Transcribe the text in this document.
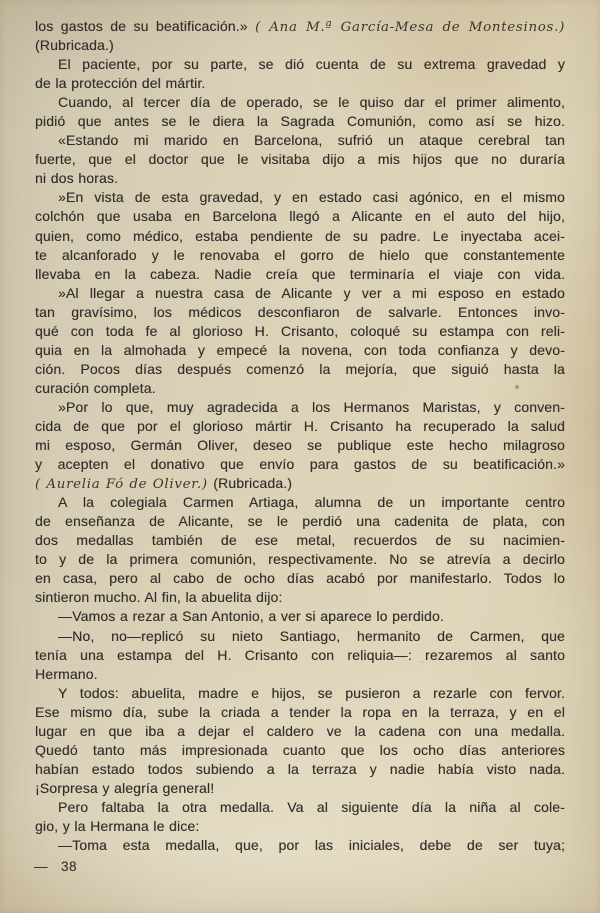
los gastos de su beatificación.» ( Ana M.ª García-Mesa de Montesinos.)
(Rubricada.)
El paciente, por su parte, se dió cuenta de su extrema gravedad y
de la protección del mártir.
Cuando, al tercer día de operado, se le quiso dar el primer alimento,
pidió que antes se le diera la Sagrada Comunión, como así se hizo.
«Estando mi marido en Barcelona, sufrió un ataque cerebral tan
fuerte, que el doctor que le visitaba dijo a mis hijos que no duraría
ni dos horas.
»En vista de esta gravedad, y en estado casi agónico, en el mismo
colchón que usaba en Barcelona llegó a Alicante en el auto del hijo,
quien, como médico, estaba pendiente de su padre. Le inyectaba acei-
te alcanforado y le renovaba el gorro de hielo que constantemente
llevaba en la cabeza. Nadie creía que terminaría el viaje con vida.
»Al llegar a nuestra casa de Alicante y ver a mi esposo en estado
tan gravísimo, los médicos desconfiaron de salvarle. Entonces invo-
qué con toda fe al glorioso H. Crisanto, coloqué su estampa con reli-
quia en la almohada y empecé la novena, con toda confianza y devo-
ción. Pocos días después comenzó la mejoría, que siguió hasta la
curación completa.
»Por lo que, muy agradecida a los Hermanos Maristas, y conven-
cida de que por el glorioso mártir H. Crisanto ha recuperado la salud
mi esposo, Germán Oliver, deseo se publique este hecho milagroso
y acepten el donativo que envío para gastos de su beatificación.»
( Aurelia Fó de Oliver.) (Rubricada.)
A la colegiala Carmen Artiaga, alumna de un importante centro
de enseñanza de Alicante, se le perdió una cadenita de plata, con
dos medallas también de ese metal, recuerdos de su nacimien-
to y de la primera comunión, respectivamente. No se atrevía a decirlo
en casa, pero al cabo de ocho días acabó por manifestarlo. Todos lo
sintieron mucho. Al fin, la abuelita dijo:
—Vamos a rezar a San Antonio, a ver si aparece lo perdido.
—No, no—replicó su nieto Santiago, hermanito de Carmen, que
tenía una estampa del H. Crisanto con reliquia—: rezaremos al santo
Hermano.
Y todos: abuelita, madre e hijos, se pusieron a rezarle con fervor.
Ese mismo día, sube la criada a tender la ropa en la terraza, y en el
lugar en que iba a dejar el caldero ve la cadena con una medalla.
Quedó tanto más impresionada cuanto que los ocho días anteriores
habían estado todos subiendo a la terraza y nadie había visto nada.
¡Sorpresa y alegría general!
Pero faltaba la otra medalla. Va al siguiente día la niña al cole-
gio, y la Hermana le dice:
—Toma esta medalla, que, por las iniciales, debe de ser tuya;
— 38
